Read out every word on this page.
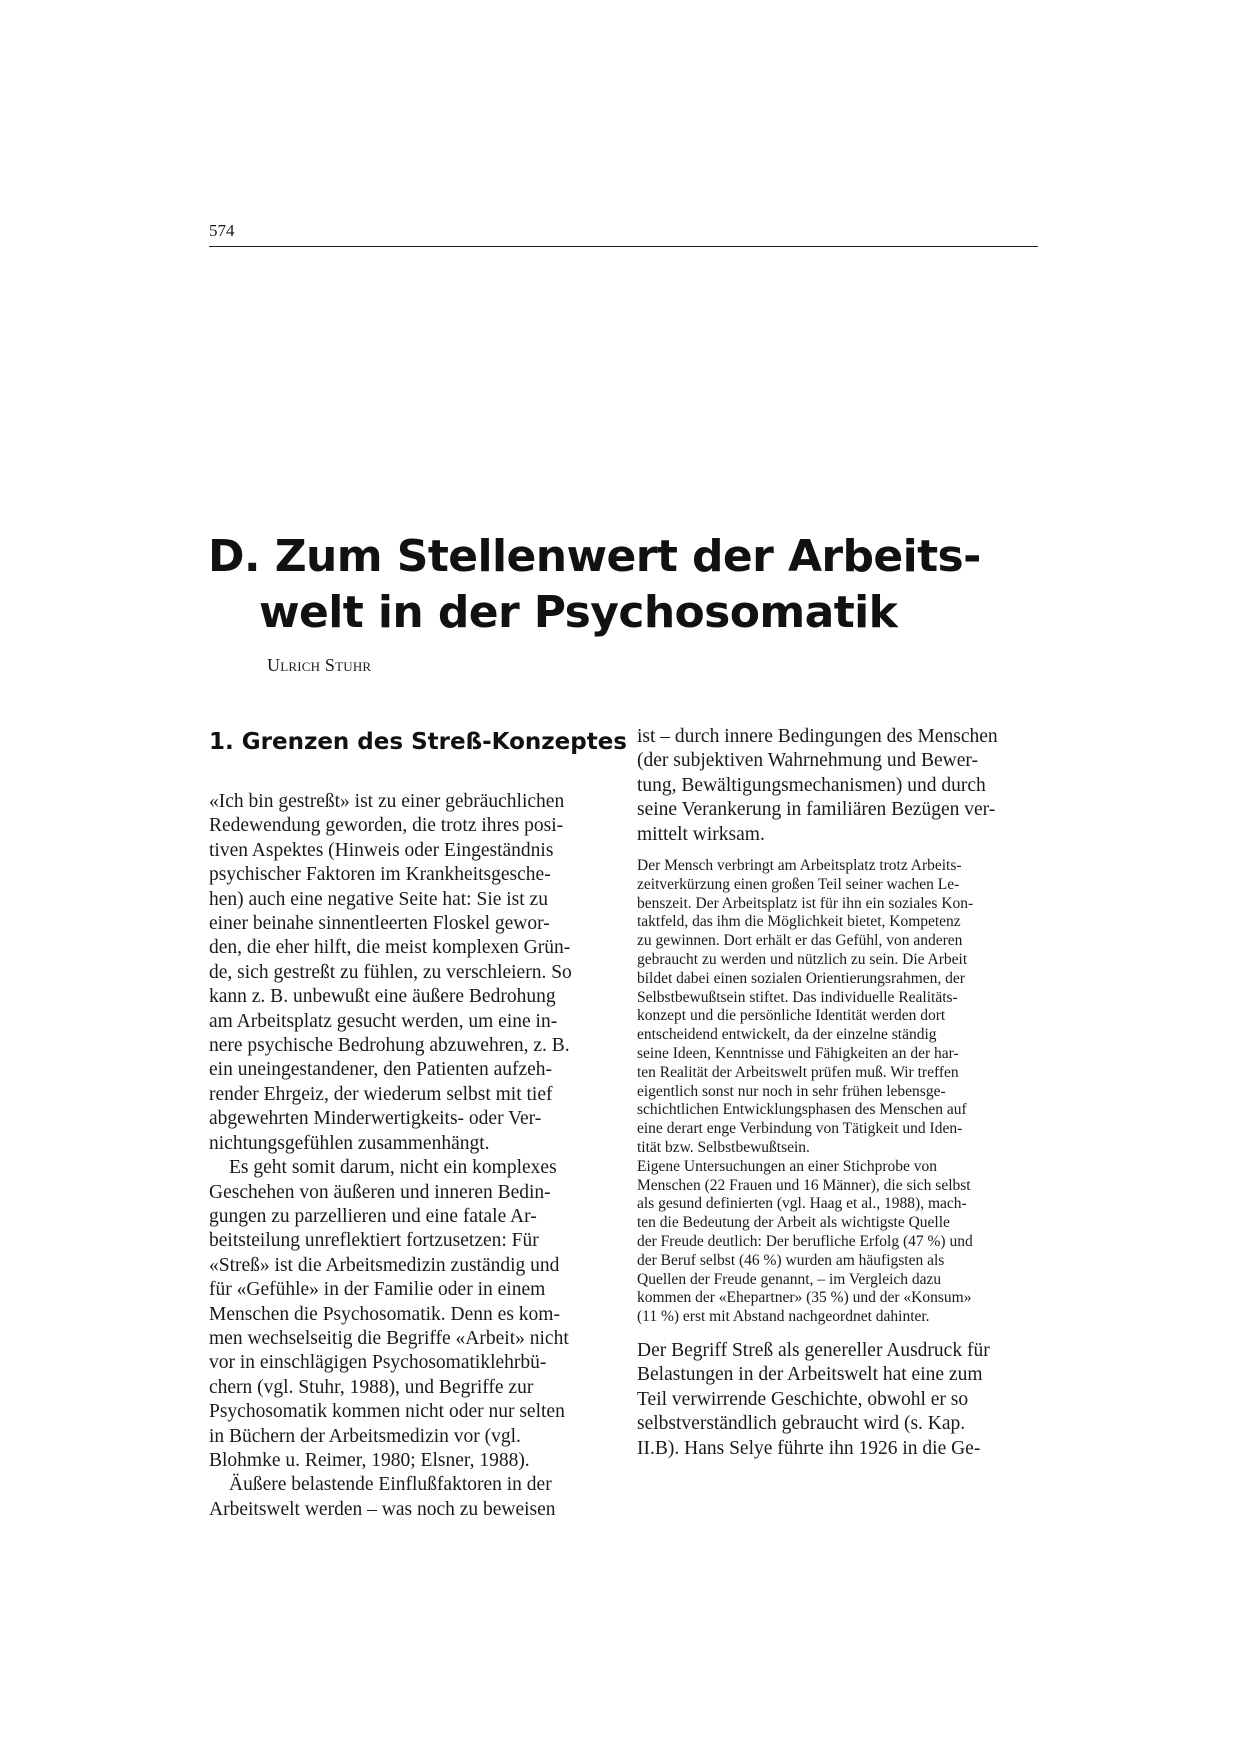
574
D. Zum Stellenwert der Arbeits-
welt in der Psychosomatik
Ulrich Stuhr
1. Grenzen des Streß-Konzeptes

«Ich bin gestreßt» ist zu einer gebräuchlichen
Redewendung geworden, die trotz ihres posi-
tiven Aspektes (Hinweis oder Eingeständnis
psychischer Faktoren im Krankheitsgesche-
hen) auch eine negative Seite hat: Sie ist zu
einer beinahe sinnentleerten Floskel gewor-
den, die eher hilft, die meist komplexen Grün-
de, sich gestreßt zu fühlen, zu verschleiern. So
kann z. B. unbewußt eine äußere Bedrohung
am Arbeitsplatz gesucht werden, um eine in-
nere psychische Bedrohung abzuwehren, z. B.
ein uneingestandener, den Patienten aufzeh-
render Ehrgeiz, der wiederum selbst mit tief
abgewehrten Minderwertigkeits- oder Ver-
nichtungsgefühlen zusammenhängt.

Es geht somit darum, nicht ein komplexes
Geschehen von äußeren und inneren Bedin-
gungen zu parzellieren und eine fatale Ar-
beitsteilung unreflektiert fortzusetzen: Für
«Streß» ist die Arbeitsmedizin zuständig und
für «Gefühle» in der Familie oder in einem
Menschen die Psychosomatik. Denn es kom-
men wechselseitig die Begriffe «Arbeit» nicht
vor in einschlägigen Psychosomatiklehrbü-
chern (vgl. Stuhr, 1988), und Begriffe zur
Psychosomatik kommen nicht oder nur selten
in Büchern der Arbeitsmedizin vor (vgl.
Blohmke u. Reimer, 1980; Elsner, 1988).

Äußere belastende Einflußfaktoren in der
Arbeitswelt werden – was noch zu beweisen

ist – durch innere Bedingungen des Menschen
(der subjektiven Wahrnehmung und Bewer-
tung, Bewältigungsmechanismen) und durch
seine Verankerung in familiären Bezügen ver-
mittelt wirksam.

Der Mensch verbringt am Arbeitsplatz trotz Arbeits-
zeitverkürzung einen großen Teil seiner wachen Le-
benszeit. Der Arbeitsplatz ist für ihn ein soziales Kon-
taktfeld, das ihm die Möglichkeit bietet, Kompetenz
zu gewinnen. Dort erhält er das Gefühl, von anderen
gebraucht zu werden und nützlich zu sein. Die Arbeit
bildet dabei einen sozialen Orientierungsrahmen, der
Selbstbewußtsein stiftet. Das individuelle Realitäts-
konzept und die persönliche Identität werden dort
entscheidend entwickelt, da der einzelne ständig
seine Ideen, Kenntnisse und Fähigkeiten an der har-
ten Realität der Arbeitswelt prüfen muß. Wir treffen
eigentlich sonst nur noch in sehr frühen lebensge-
schichtlichen Entwicklungsphasen des Menschen auf
eine derart enge Verbindung von Tätigkeit und Iden-
tität bzw. Selbstbewußtsein.
Eigene Untersuchungen an einer Stichprobe von
Menschen (22 Frauen und 16 Männer), die sich selbst
als gesund definierten (vgl. Haag et al., 1988), mach-
ten die Bedeutung der Arbeit als wichtigste Quelle
der Freude deutlich: Der berufliche Erfolg (47 %) und
der Beruf selbst (46 %) wurden am häufigsten als
Quellen der Freude genannt, – im Vergleich dazu
kommen der «Ehepartner» (35 %) und der «Konsum»
(11 %) erst mit Abstand nachgeordnet dahinter.

Der Begriff Streß als genereller Ausdruck für
Belastungen in der Arbeitswelt hat eine zum
Teil verwirrende Geschichte, obwohl er so
selbstverständlich gebraucht wird (s. Kap.
II.B). Hans Selye führte ihn 1926 in die Ge-
